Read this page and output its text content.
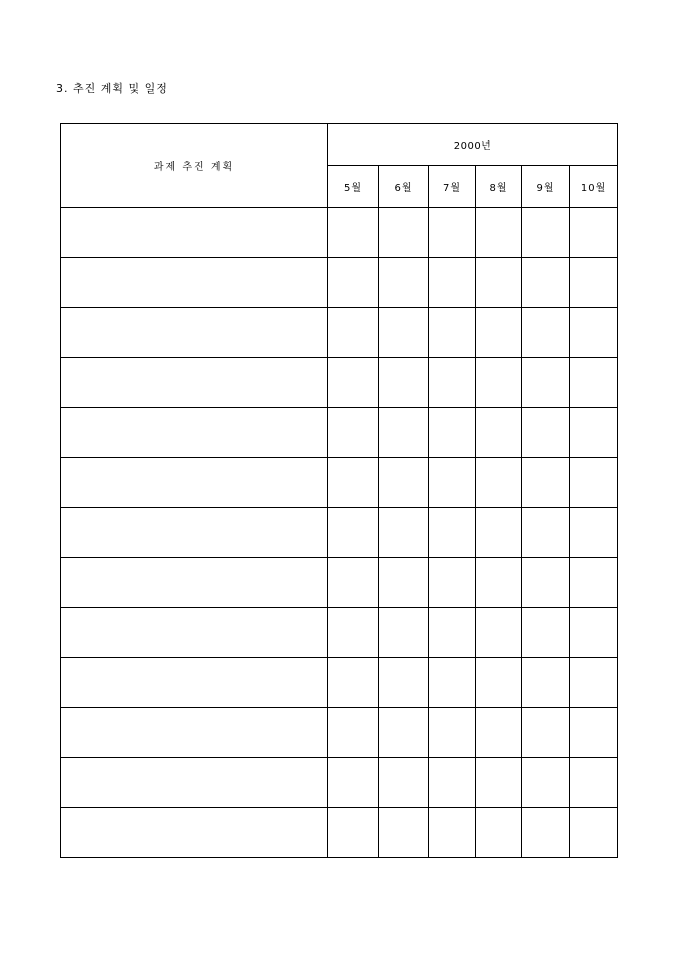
3. 추진 계획 및 일정
과제 추진 계획	2000년					
	5월	6월	7월	8월	9월	10월
